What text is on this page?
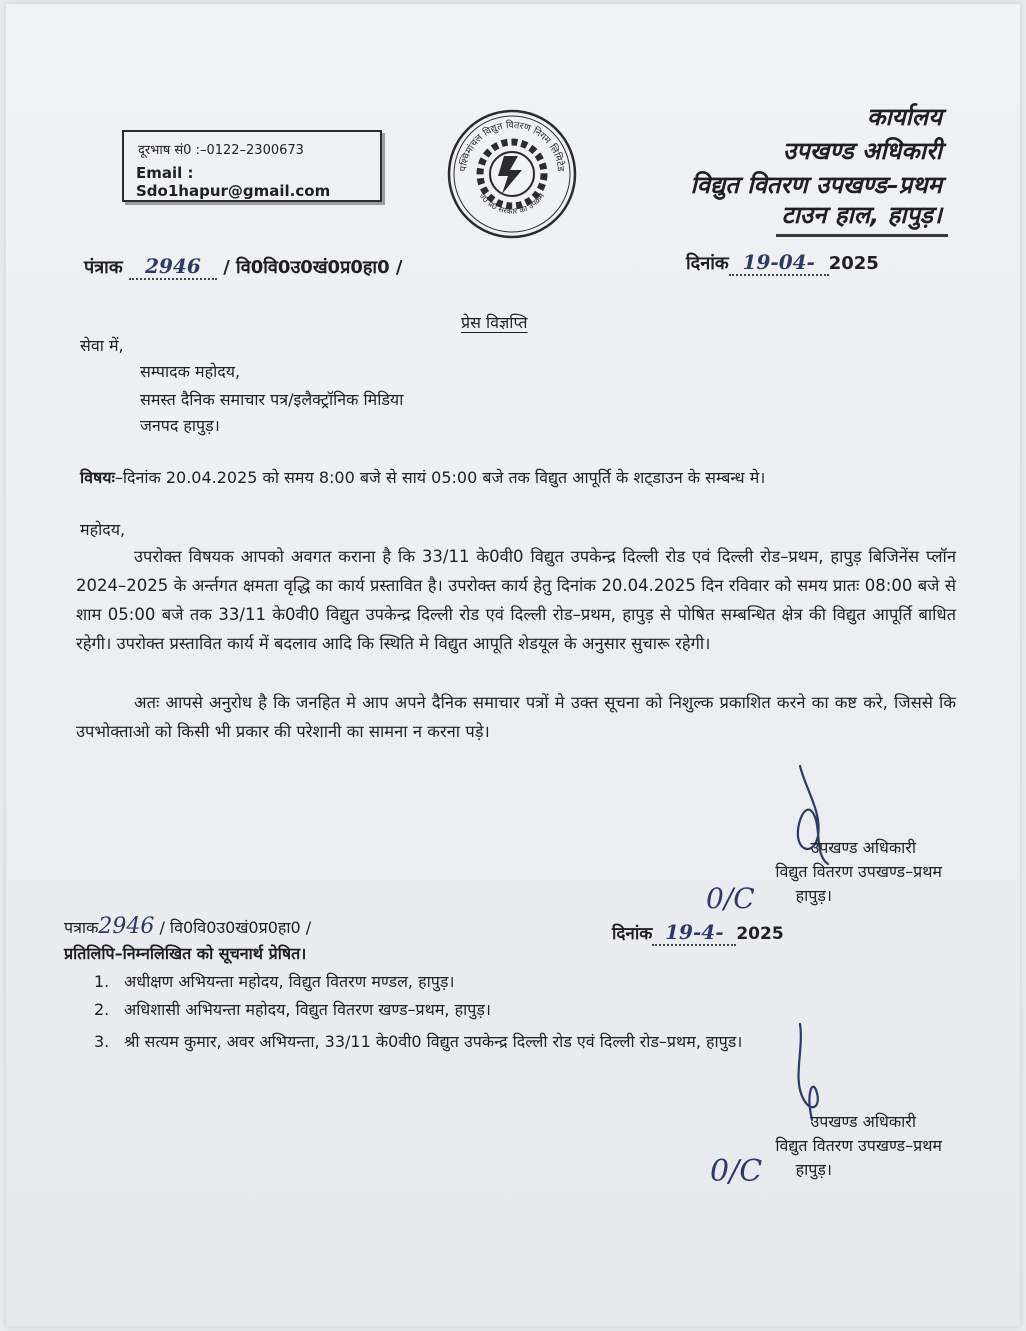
दूरभाष सं0 :–0122–2300673
Email : Sdo1hapur@gmail.com
पश्चिमांचल विद्युत वितरण निगम लिमिटेड
उ0 प्र0 सरकार का उपक्रम
कार्यालय
उपखण्ड अधिकारी
विद्युत वितरण उपखण्ड–प्रथम
टाउन हाल, हापुड़।
पंत्राक 2946 / वि0वि0उ0खं0प्र0हा0 /	दिनांक 19-04- 2025
प्रेस विज्ञप्ति
सेवा में,
सम्पादक महोदय,
समस्त दैनिक समाचार पत्र/इलैक्ट्रॉनिक मिडिया
जनपद हापुड़।
विषयः–दिनांक 20.04.2025 को समय 8:00 बजे से सायं 05:00 बजे तक विद्युत आपूर्ति के शट्डाउन के सम्बन्ध मे।
महोदय,
उपरोक्त विषयक आपको अवगत कराना है कि 33/11 के0वी0 विद्युत उपकेन्द्र दिल्ली रोड एवं दिल्ली रोड–प्रथम, हापुड़ बिजिनेंस प्लॉन 2024–2025 के अर्न्तगत क्षमता वृद्धि का कार्य प्रस्तावित है। उपरोक्त कार्य हेतु दिनांक 20.04.2025 दिन रविवार को समय प्रातः 08:00 बजे से शाम 05:00 बजे तक 33/11 के0वी0 विद्युत उपकेन्द्र दिल्ली रोड एवं दिल्ली रोड–प्रथम, हापुड़ से पोषित सम्बन्धित क्षेत्र की विद्युत आपूर्ति बाधित रहेगी। उपरोक्त प्रस्तावित कार्य में बदलाव आदि कि स्थिति मे विद्युत आपूति शेडयूल के अनुसार सुचारू रहेगी।
अतः आपसे अनुरोध है कि जनहित मे आप अपने दैनिक समाचार पत्रों मे उक्त सूचना को निशुल्क प्रकाशित करने का कष्ट करे, जिससे कि उपभोक्ताओ को किसी भी प्रकार की परेशानी का सामना न करना पड़े।
उपखण्ड अधिकारी
विद्युत वितरण उपखण्ड–प्रथम
हापुड़।
0/C
पत्राक2946 / वि0वि0उ0खं0प्र0हा0 /	दिनांक 19-4- 2025
प्रतिलिपि–निम्नलिखित को सूचनार्थ प्रेषित।
1. अधीक्षण अभियन्ता महोदय, विद्युत वितरण मण्डल, हापुड़।
2. अधिशासी अभियन्ता महोदय, विद्युत वितरण खण्ड–प्रथम, हापुड़।
3. श्री सत्यम कुमार, अवर अभियन्ता, 33/11 के0वी0 विद्युत उपकेन्द्र दिल्ली रोड एवं दिल्ली रोड–प्रथम, हापुड।
उपखण्ड अधिकारी
विद्युत वितरण उपखण्ड–प्रथम
हापुड़।
0/C
